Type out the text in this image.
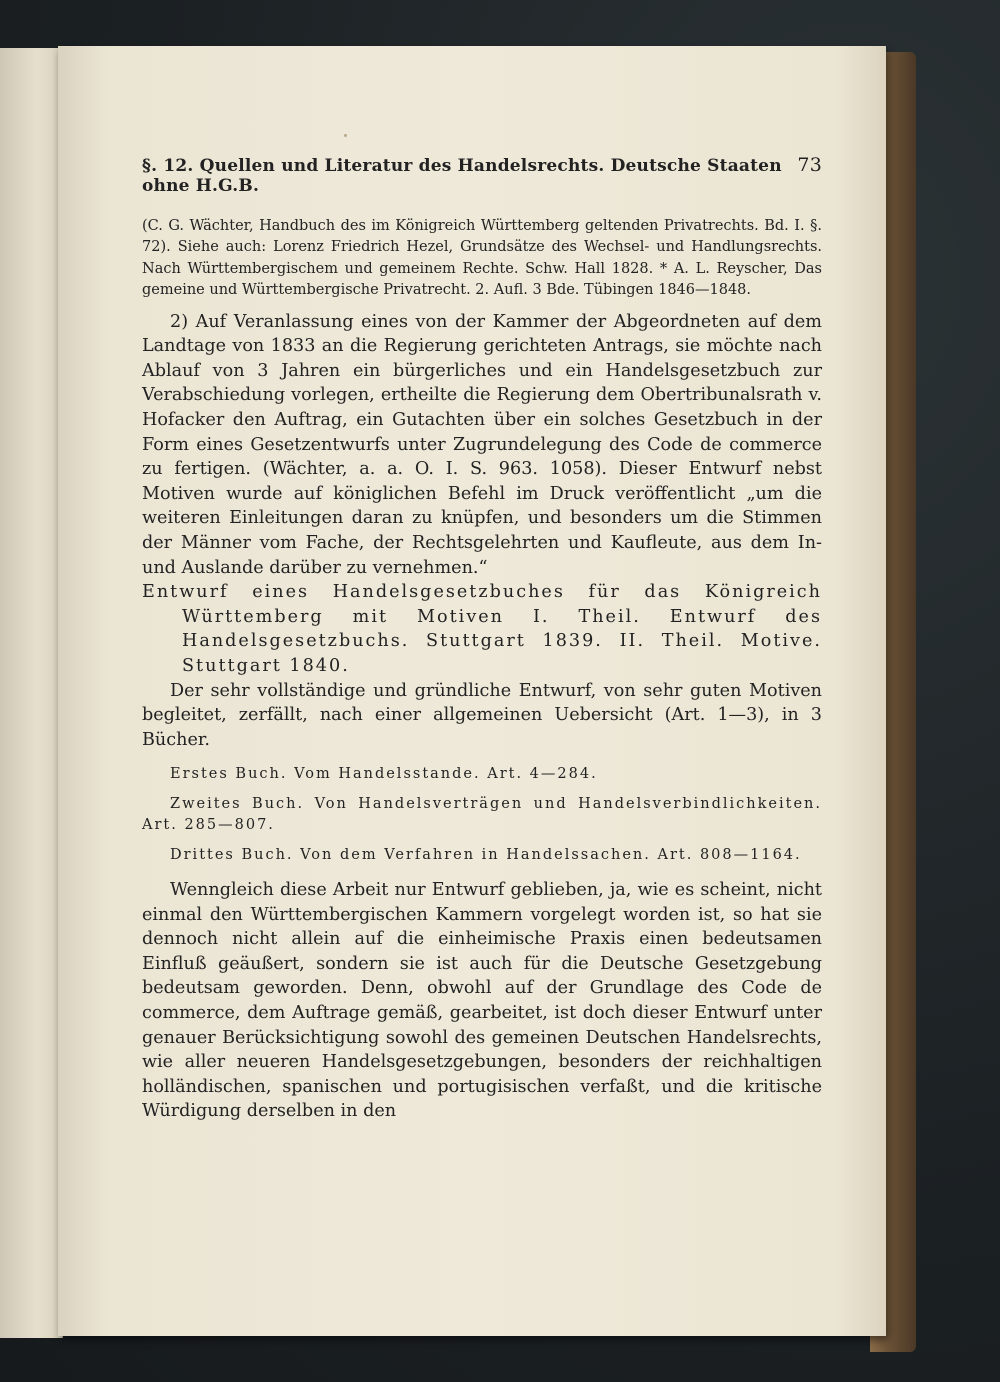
§. 12. Quellen und Literatur des Handelsrechts. Deutsche Staaten ohne H.G.B.
73

(C. G. Wächter, Handbuch des im Königreich Württemberg geltenden Privatrechts. Bd. I. §. 72). Siehe auch: Lorenz Friedrich Hezel, Grundsätze des Wechsel- und Handlungsrechts. Nach Württembergischem und gemeinem Rechte. Schw. Hall 1828. * A. L. Reyscher, Das gemeine und Württembergische Privatrecht. 2. Aufl. 3 Bde. Tübingen 1846—1848.

2) Auf Veranlassung eines von der Kammer der Abgeordneten auf dem Landtage von 1833 an die Regierung gerichteten Antrags, sie möchte nach Ablauf von 3 Jahren ein bürgerliches und ein Handelsgesetzbuch zur Verabschiedung vorlegen, ertheilte die Regierung dem Obertribunalsrath v. Hofacker den Auftrag, ein Gutachten über ein solches Gesetzbuch in der Form eines Gesetzentwurfs unter Zugrundelegung des Code de commerce zu fertigen. (Wächter, a. a. O. I. S. 963. 1058). Dieser Entwurf nebst Motiven wurde auf königlichen Befehl im Druck veröffentlicht „um die weiteren Einleitungen daran zu knüpfen, und besonders um die Stimmen der Männer vom Fache, der Rechtsgelehrten und Kaufleute, aus dem In- und Auslande darüber zu vernehmen.“

Entwurf eines Handelsgesetzbuches für das Königreich Württemberg mit Motiven I. Theil. Entwurf des Handelsgesetzbuchs. Stuttgart 1839. II. Theil. Motive. Stuttgart 1840.

Der sehr vollständige und gründliche Entwurf, von sehr guten Motiven begleitet, zerfällt, nach einer allgemeinen Uebersicht (Art. 1—3), in 3 Bücher.

Erstes Buch. Vom Handelsstande. Art. 4—284.

Zweites Buch. Von Handelsverträgen und Handelsverbindlichkeiten. Art. 285—807.

Drittes Buch. Von dem Verfahren in Handelssachen. Art. 808—1164.

Wenngleich diese Arbeit nur Entwurf geblieben, ja, wie es scheint, nicht einmal den Württembergischen Kammern vorgelegt worden ist, so hat sie dennoch nicht allein auf die einheimische Praxis einen bedeutsamen Einfluß geäußert, sondern sie ist auch für die Deutsche Gesetzgebung bedeutsam geworden. Denn, obwohl auf der Grundlage des Code de commerce, dem Auftrage gemäß, gearbeitet, ist doch dieser Entwurf unter genauer Berücksichtigung sowohl des gemeinen Deutschen Handelsrechts, wie aller neueren Handelsgesetzgebungen, besonders der reichhaltigen holländischen, spanischen und portugisischen verfaßt, und die kritische Würdigung derselben in den
